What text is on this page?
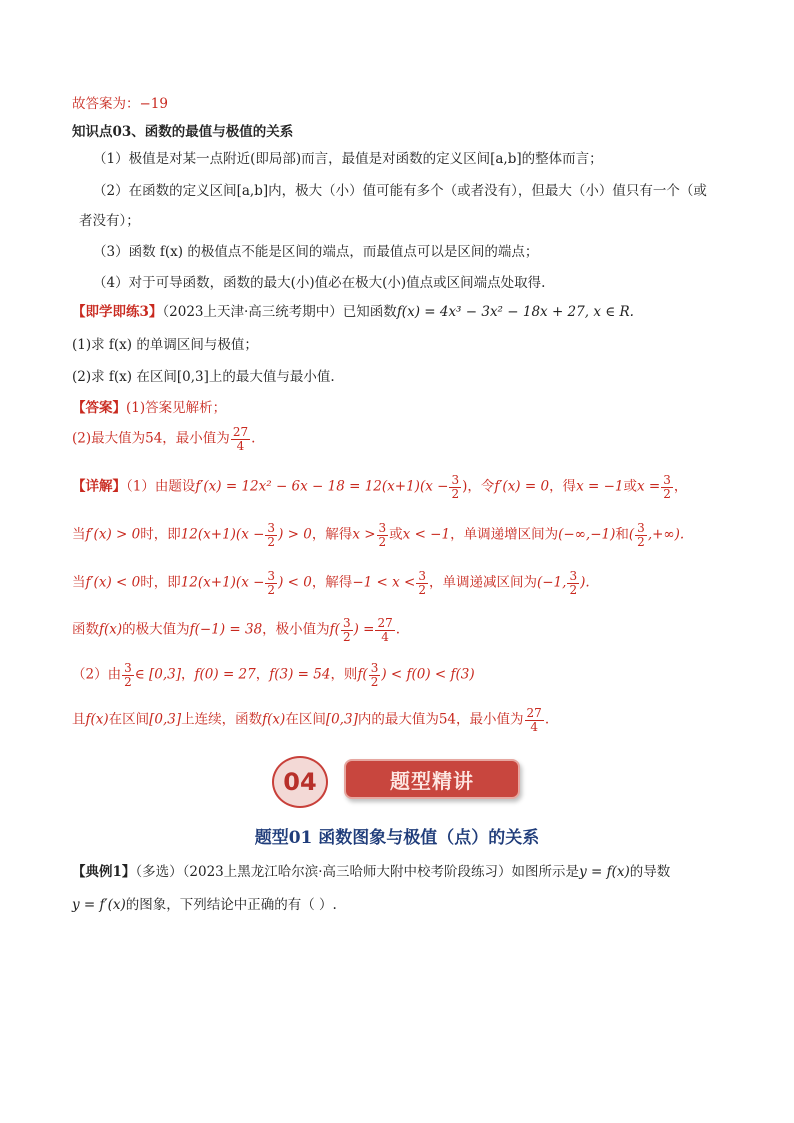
故答案为：−19
知识点03、函数的最值与极值的关系
（1）极值是对某一点附近(即局部)而言，最值是对函数的定义区间[a,b]的整体而言；
（2）在函数的定义区间[a,b]内，极大（小）值可能有多个（或者没有），但最大（小）值只有一个（或
者没有）；
（3）函数 f(x) 的极值点不能是区间的端点，而最值点可以是区间的端点；
（4）对于可导函数，函数的最大(小)值必在极大(小)值点或区间端点处取得.
【即学即练3】（2023上天津·高三统考期中）已知函数f(x) = 4x³ − 3x² − 18x + 27, x ∈ R.
(1)求 f(x) 的单调区间与极值；
(2)求 f(x) 在区间[0,3]上的最大值与最小值.
【答案】(1)答案见解析；
(2)最大值为54，最小值为 $\frac{27}{4}$ .
【详解】（1）由题设$f'(x) = 12x^2 - 6x - 18 = 12(x+1)(x - \frac{3}{2}$ )，令f′(x) = 0，得x = −1或$x = \frac{3}{2}$ ，
当f′(x) > 0时，即$12(x+1)(x - \frac{3}{2}$ ) > 0，解得$x > \frac{3}{2}$ 或x < −1，单调递增区间为(−∞,−1)和( $\frac{3}{2}$ ,+∞).
当f′(x) < 0时，即$12(x+1)(x - \frac{3}{2}$ ) < 0，解得$-1 < x < \frac{3}{2}$ ，单调递减区间为(−1, $\frac{3}{2}$ ).
函数f(x)的极大值为f(−1) = 38，极小值为$f( \frac{3}{2}$ ) = $\frac{27}{4}$ .
（2）由 $\frac{3}{2}$ ∈ [0,3]，f(0) = 27，f(3) = 54，则$f( \frac{3}{2}$ ) < f(0) < f(3)
且f(x)在区间[0,3]上连续，函数f(x)在区间[0,3]内的最大值为54，最小值为 $\frac{27}{4}$ .
04	题型精讲
题型01 函数图象与极值（点）的关系
【典例1】（多选）（2023上黑龙江哈尔滨·高三哈师大附中校考阶段练习）如图所示是y = f(x)的导数
y = f′(x)的图象，下列结论中正确的有（ ）.
